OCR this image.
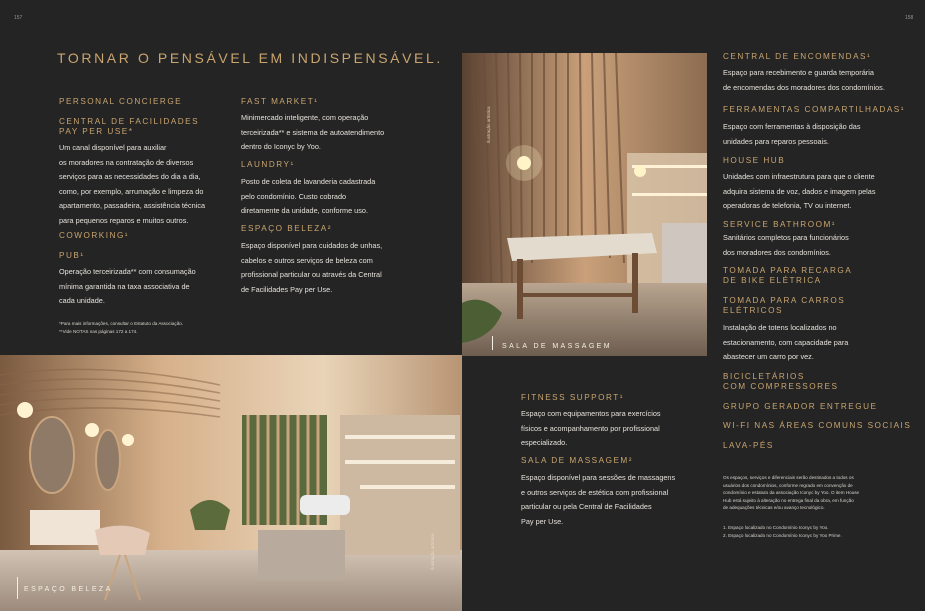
157	158
TORNAR O PENSÁVEL EM INDISPENSÁVEL.
PERSONAL CONCIERGE
CENTRAL DE FACILIDADES
PAY PER USE*
Um canal disponível para auxiliar
os moradores na contratação de diversos
serviços para as necessidades do dia a dia,
como, por exemplo, arrumação e limpeza do
apartamento, passadeira, assistência técnica
para pequenos reparos e muitos outros.
COWORKING¹
PUB¹
Operação terceirizada** com consumação
mínima garantida na taxa associativa de
cada unidade.
*Para mais informações, consultar o Estatuto da Associação.
**Vide NOTAS nas páginas 172 a 174.
FAST MARKET¹
Minimercado inteligente, com operação
terceirizada** e sistema de autoatendimento
dentro do Iconyc by Yoo.
LAUNDRY¹
Posto de coleta de lavanderia cadastrada
pelo condomínio. Custo cobrado
diretamente da unidade, conforme uso.
ESPAÇO BELEZA²
Espaço disponível para cuidados de unhas,
cabelos e outros serviços de beleza com
profissional particular ou através da Central
de Facilidades Pay per Use.
Ilustração artística
SALA DE MASSAGEM
Ilustração artística
ESPAÇO BELEZA
FITNESS SUPPORT¹
Espaço com equipamentos para exercícios
físicos e acompanhamento por profissional
especializado.
SALA DE MASSAGEM²
Espaço disponível para sessões de massagens
e outros serviços de estética com profissional
particular ou pela Central de Facilidades
Pay per Use.
CENTRAL DE ENCOMENDAS¹
Espaço para recebimento e guarda temporária
de encomendas dos moradores dos condomínios.
FERRAMENTAS COMPARTILHADAS¹
Espaço com ferramentas à disposição das
unidades para reparos pessoais.
HOUSE HUB
Unidades com infraestrutura para que o cliente
adquira sistema de voz, dados e imagem pelas
operadoras de telefonia, TV ou internet.
SERVICE BATHROOM¹
Sanitários completos para funcionários
dos moradores dos condomínios.
TOMADA PARA RECARGA
DE BIKE ELÉTRICA
TOMADA PARA CARROS
ELÉTRICOS
Instalação de totens localizados no
estacionamento, com capacidade para
abastecer um carro por vez.
BICICLETÁRIOS
COM COMPRESSORES
GRUPO GERADOR ENTREGUE
WI-FI NAS ÁREAS COMUNS SOCIAIS
LAVA-PÉS
Os espaços, serviços e diferenciais serão destinados a todos os
usuários dos condomínios, conforme regrado em convenção de
condomínio e estatuto da associação Iconyc by Yoo. O item House
Hub está sujeito à alteração no entrega final da obra, em função
de adequações técnicas e/ou avanço tecnológico.
1. Espaço localizado no Condomínio Iconyc by Yoo.
2. Espaço localizado no Condomínio Iconyc by Yoo Prime.
